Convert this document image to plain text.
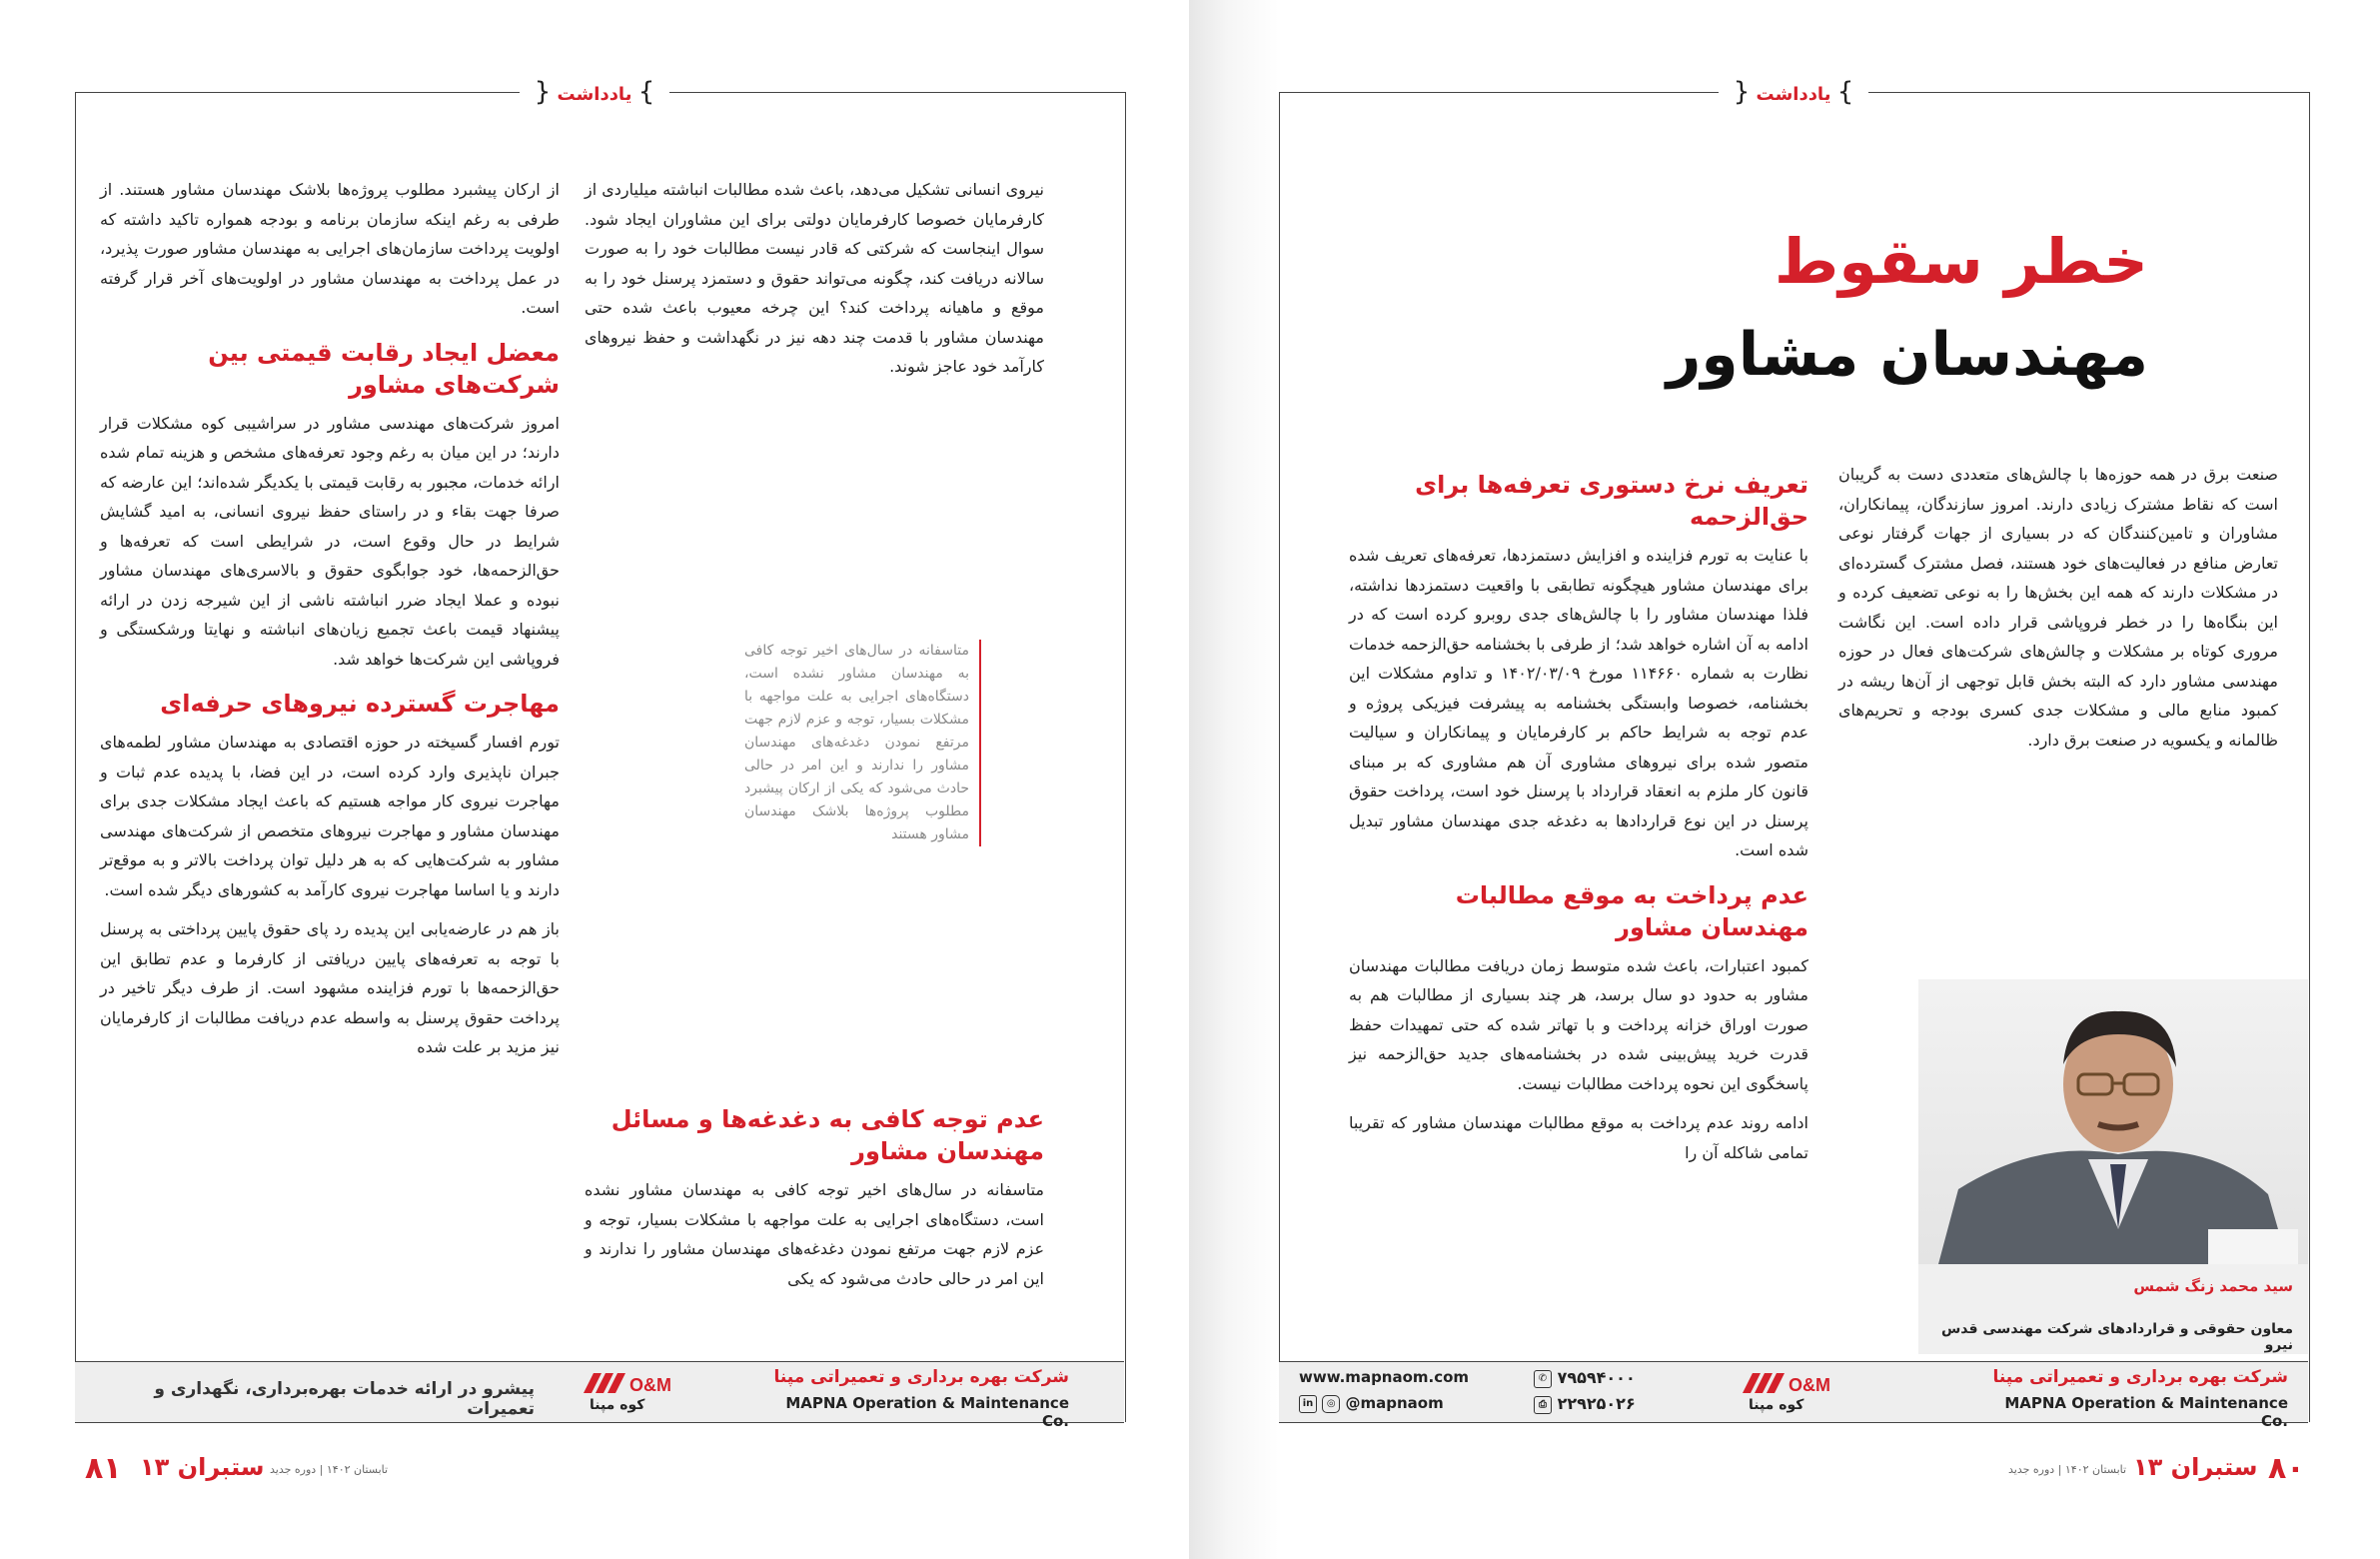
} یادداشت {

نیروی انسانی تشکیل می‌دهد، باعث شده مطالبات انباشته میلیاردی از کارفرمایان خصوصا کارفرمایان دولتی برای این مشاوران ایجاد شود. سوال اینجاست که شرکتی که قادر نیست مطالبات خود را به صورت سالانه دریافت کند، چگونه می‌تواند حقوق و دستمزد پرسنل خود را به موقع و ماهیانه پرداخت کند؟ این چرخه معیوب باعث شده حتی مهندسان مشاور با قدمت چند دهه نیز در نگهداشت و حفظ نیروهای کارآمد خود عاجز شوند.

متاسفانه در سال‌های اخیر توجه کافی به مهندسان مشاور نشده است، دستگاه‌های اجرایی به علت مواجهه با مشکلات بسیار، توجه و عزم لازم جهت مرتفع نمودن دغدغه‌های مهندسان مشاور را ندارند و این امر در حالی حادث می‌شود که یکی از ارکان پیشبرد مطلوب پروژه‌ها بلاشک مهندسان مشاور هستند
عدم توجه کافی به دغدغه‌ها و مسائل مهندسان مشاور

متاسفانه در سال‌های اخیر توجه کافی به مهندسان مشاور نشده است، دستگاه‌های اجرایی به علت مواجهه با مشکلات بسیار، توجه و عزم لازم جهت مرتفع نمودن دغدغه‌های مهندسان مشاور را ندارند و این امر در حالی حادث می‌شود که یکی

از ارکان پیشبرد مطلوب پروژه‌ها بلاشک مهندسان مشاور هستند. از طرفی به رغم اینکه سازمان برنامه و بودجه همواره تاکید داشته که اولویت پرداخت سازمان‌های اجرایی به مهندسان مشاور صورت پذیرد، در عمل پرداخت به مهندسان مشاور در اولویت‌های آخر قرار گرفته است.

معضل ایجاد رقابت قیمتی بین شرکت‌های مشاور

امروز شرکت‌های مهندسی مشاور در سراشیبی کوه مشکلات قرار دارند؛ در این میان به رغم وجود تعرفه‌های مشخص و هزینه تمام شده ارائه خدمات، مجبور به رقابت قیمتی با یکدیگر شده‌اند؛ این عارضه که صرفا جهت بقاء و در راستای حفظ نیروی انسانی، به امید گشایش شرایط در حال وقوع است، در شرایطی است که تعرفه‌ها و حق‌الزحمه‌ها، خود جوابگوی حقوق و بالاسری‌های مهندسان مشاور نبوده و عملا ایجاد ضرر انباشته ناشی از این شیرجه زدن در ارائه پیشنهاد قیمت باعث تجمیع زیان‌های انباشته و نهایتا ورشکستگی و فروپاشی این شرکت‌ها خواهد شد.

مهاجرت گسترده نیروهای حرفه‌ای

تورم افسار گسیخته در حوزه اقتصادی به مهندسان مشاور لطمه‌های جبران ناپذیری وارد کرده است، در این فضا، با پدیده عدم ثبات و مهاجرت نیروی کار مواجه هستیم که باعث ایجاد مشکلات جدی برای مهندسان مشاور و مهاجرت نیروهای متخصص از شرکت‌های مهندسی مشاور به شرکت‌هایی که به هر دلیل توان پرداخت بالاتر و به موقع‌تر دارند و یا اساسا مهاجرت نیروی کارآمد به کشورهای دیگر شده است.

باز هم در عارضه‌یابی این پدیده رد پای حقوق پایین پرداختی به پرسنل با توجه به تعرفه‌های پایین دریافتی از کارفرما و عدم تطابق این حق‌الزحمه‌ها با تورم فزاینده مشهود است. از طرف دیگر تاخیر در پرداخت حقوق پرسنل به واسطه عدم دریافت مطالبات از کارفرمایان نیز مزید بر علت شده

شرکت بهره برداری و تعمیراتی مپنا
MAPNA Operation & Maintenance Co.
O&M
کوه مپنا
پیشرو در ارائه خدمات بهره‌برداری، نگهداری و تعمیرات
۸۱ ستبران ۱۳ تابستان ۱۴۰۲ | دوره جدید
} یادداشت {
خطر سقوط
مهندسان مشاور

صنعت برق در همه حوزه‌ها با چالش‌های متعددی دست به گریبان است که نقاط مشترک زیادی دارند. امروز سازندگان، پیمانکاران، مشاوران و تامین‌کنندگان که در بسیاری از جهات گرفتار نوعی تعارض منافع در فعالیت‌های خود هستند، فصل مشترک گسترده‌ای در مشکلات دارند که همه این بخش‌ها را به نوعی تضعیف کرده و این بنگاه‌ها را در خطر فروپاشی قرار داده است. این نگاشت مروری کوتاه بر مشکلات و چالش‌های شرکت‌های فعال در حوزه مهندسی مشاور دارد که البته بخش قابل توجهی از آن‌ها ریشه در کمبود منابع مالی و مشکلات جدی کسری بودجه و تحریم‌های ظالمانه و یکسویه در صنعت برق دارد.

تعریف نرخ دستوری تعرفه‌ها برای حق‌الزحمه

با عنایت به تورم فزاینده و افزایش دستمزدها، تعرفه‌های تعریف شده برای مهندسان مشاور هیچگونه تطابقی با واقعیت دستمزدها نداشته، فلذا مهندسان مشاور را با چالش‌های جدی روبرو کرده است که در ادامه به آن اشاره خواهد شد؛ از طرفی با بخشنامه حق‌الزحمه خدمات نظارت به شماره ۱۱۴۶۶۰ مورخ ۱۴۰۲/۰۳/۰۹ و تداوم مشکلات این بخشنامه، خصوصا وابستگی بخشنامه به پیشرفت فیزیکی پروژه و عدم توجه به شرایط حاکم بر کارفرمایان و پیمانکاران و سیالیت متصور شده برای نیروهای مشاوری آن هم مشاوری که بر مبنای قانون کار ملزم به انعقاد قرارداد با پرسنل خود است، پرداخت حقوق پرسنل در این نوع قراردادها به دغدغه جدی مهندسان مشاور تبدیل شده است.

عدم پرداخت به موقع مطالبات مهندسان مشاور

کمبود اعتبارات، باعث شده متوسط زمان دریافت مطالبات مهندسان مشاور به حدود دو سال برسد، هر چند بسیاری از مطالبات هم به صورت اوراق خزانه پرداخت و با تهاتر شده که حتی تمهیدات حفظ قدرت خرید پیش‌بینی شده در بخشنامه‌های جدید حق‌الزحمه نیز پاسخگوی این نحوه پرداخت مطالبات نیست.

ادامه روند عدم پرداخت به موقع مطالبات مهندسان مشاور که تقریبا تمامی شاکله آن را

سید محمد زنگ شمس
معاون حقوقی و قراردادهای شرکت مهندسی قدس نیرو
شرکت بهره برداری و تعمیراتی مپنا
MAPNA Operation & Maintenance Co.
O&M
کوه مپنا
✆ ۷۹۵۹۴۰۰۰
⎙ ۲۲۹۲۵۰۲۶
www.mapnaom.com
in ◎ @mapnaom
۸۰
ستبران ۱۳
تابستان ۱۴۰۲ | دوره جدید
